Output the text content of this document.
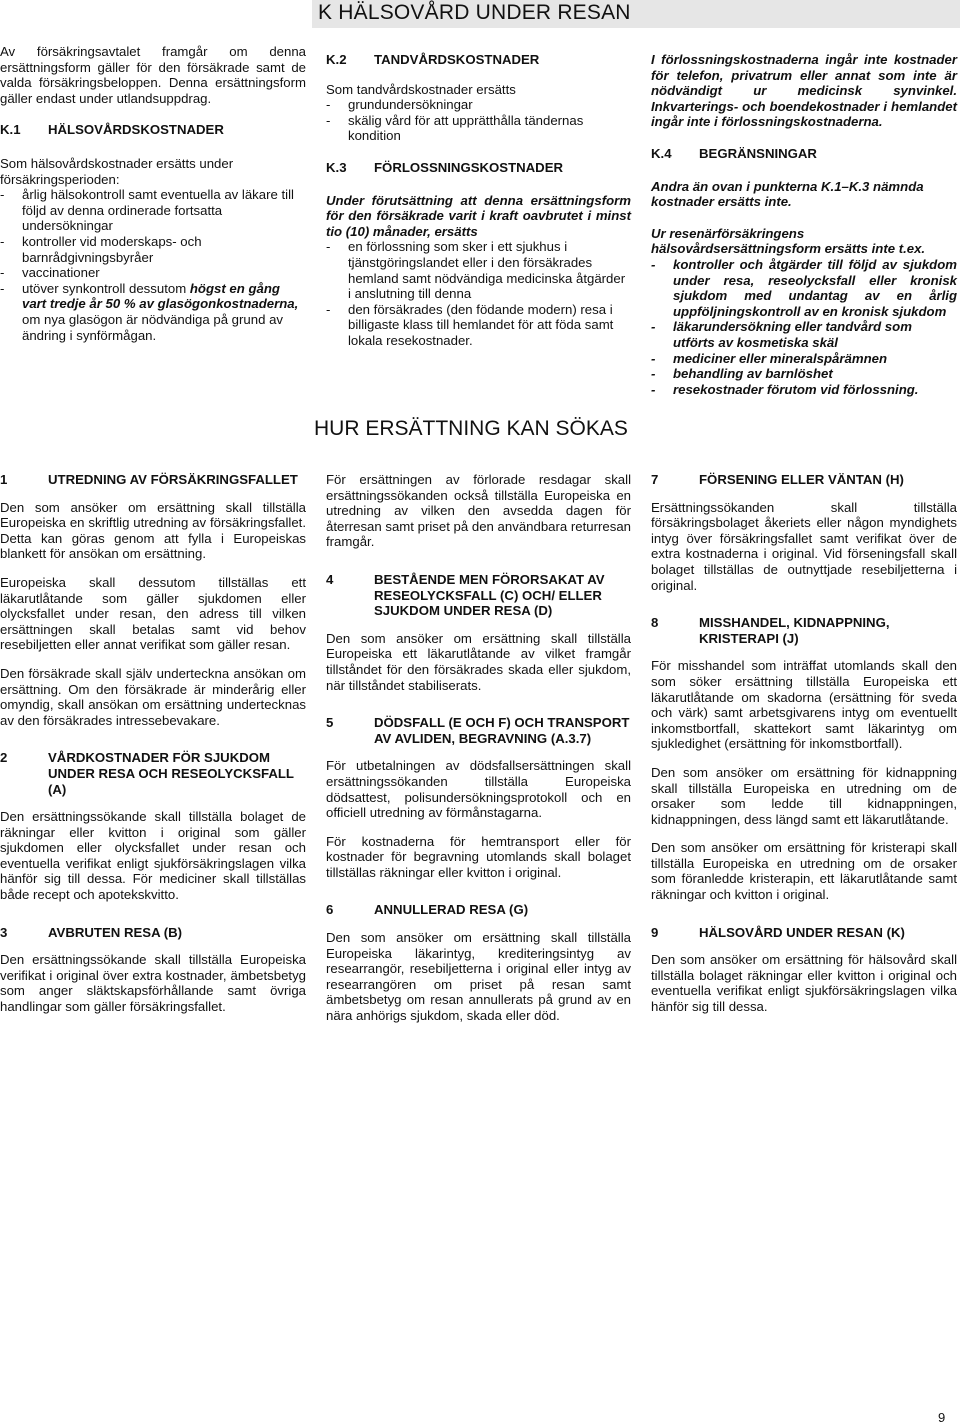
K HÄLSOVÅRD UNDER RESAN

Av försäkringsavtalet framgår om denna ersättningsform gäller för den försäkrade samt de valda försäkringsbeloppen. Denna ersättningsform gäller endast under utlandsuppdrag.

K.1	HÄLSOVÅRDSKOSTNADER

Som hälsovårdskostnader ersätts under försäkringsperioden:

-	årlig hälsokontroll samt eventuella av läkare till följd av denna ordinerade fortsatta undersökningar
-	kontroller vid moderskaps- och barnrådgivningsbyråer
-	vaccinationer
-	utöver synkontroll dessutom högst en gång vart tredje år 50 % av glasögonkostnaderna, om nya glasögon är nödvändiga på grund av ändring i synförmågan.
K.2	TANDVÅRDSKOSTNADER

Som tandvårdskostnader ersätts

-	grundundersökningar
-	skälig vård för att upprätthålla tändernas kondition
K.3	FÖRLOSSNINGSKOSTNADER

Under förutsättning att denna ersättningsform för den försäkrade varit i kraft oavbrutet i minst tio (10) månader, ersätts

-	en förlossning som sker i ett sjukhus i tjänstgöringslandet eller i den försäkrades hemland samt nödvändiga medicinska åtgärder i anslutning till denna
-	den försäkrades (den födande modern) resa i billigaste klass till hemlandet för att föda samt lokala resekostnader.

I förlossningskostnaderna ingår inte kostnader för telefon, privatrum eller annat som inte är nödvändigt ur medicinsk synvinkel. Inkvarterings- och boendekostnader i hemlandet ingår inte i förlossningskostnaderna.

K.4	BEGRÄNSNINGAR

Andra än ovan i punkterna K.1–K.3 nämnda kostnader ersätts inte.

Ur resenärförsäkringens hälsovårdsersättningsform ersätts inte t.ex.

-	kontroller och åtgärder till följd av sjukdom under resa, reseolycksfall eller kronisk sjukdom med undantag av en årlig uppföljningskontroll av en kronisk sjukdom
-	läkarundersökning eller tandvård som utförts av kosmetiska skäl
-	mediciner eller mineralspårämnen
-	behandling av barnlöshet
-	resekostnader förutom vid förlossning.
HUR ERSÄTTNING KAN SÖKAS
1	UTREDNING AV FÖRSÄKRINGSFALLET

Den som ansöker om ersättning skall tillställa Europeiska en skriftlig utredning av försäkringsfallet. Detta kan göras genom att fylla i Europeiskas blankett för ansökan om ersättning.

Europeiska skall dessutom tillställas ett läkarutlåtande som gäller sjukdomen eller olycksfallet under resan, den adress till vilken ersättningen skall betalas samt vid behov resebiljetten eller annat verifikat som gäller resan.

Den försäkrade skall själv underteckna ansökan om ersättning. Om den försäkrade är minderårig eller omyndig, skall ansökan om ersättning undertecknas av den försäkrades intressebevakare.

2	VÅRDKOSTNADER FÖR SJUKDOM UNDER RESA OCH RESEOLYCKSFALL (A)

Den ersättningssökande skall tillställa bolaget de räkningar eller kvitton i original som gäller sjukdomen eller olycksfallet under resan och eventuella verifikat enligt sjukförsäkringslagen vilka hänför sig till dessa. För mediciner skall tillställas både recept och apotekskvitto.

3	AVBRUTEN RESA (B)

Den ersättningssökande skall tillställa Europeiska verifikat i original över extra kostnader, ämbetsbetyg som anger släktskapsförhållande samt övriga handlingar som gäller försäkringsfallet.

För ersättningen av förlorade resdagar skall ersättningssökanden också tillställa Europeiska en utredning av vilken den avsedda dagen för återresan samt priset på den användbara returresan framgår.

4	BESTÅENDE MEN FÖRORSAKAT AV RESEOLYCKSFALL (C) OCH/ ELLER SJUKDOM UNDER RESA (D)

Den som ansöker om ersättning skall tillställa Europeiska ett läkarutlåtande av vilket framgår tillståndet för den försäkrades skada eller sjukdom, när tillståndet stabiliserats.

5	DÖDSFALL (E OCH F) OCH TRANSPORT AV AVLIDEN, BEGRAVNING (A.3.7)

För utbetalningen av dödsfallsersättningen skall ersättningssökanden tillställa Europeiska dödsattest, polisundersökningsprotokoll och en officiell utredning av förmånstagarna.

För kostnaderna för hemtransport eller för kostnader för begravning utomlands skall bolaget tillställas räkningar eller kvitton i original.

6	ANNULLERAD RESA (G)

Den som ansöker om ersättning skall tillställa Europeiska läkarintyg, krediteringsintyg av researrangör, resebiljetterna i original eller intyg av researrangören om priset på resan samt ämbetsbetyg om resan annullerats på grund av en nära anhörigs sjukdom, skada eller död.

7	FÖRSENING ELLER VÄNTAN (H)

Ersättningssökanden skall tillställa försäkringsbolaget åkeriets eller någon myndighets intyg över försäkringsfallet samt verifikat över de extra kostnaderna i original. Vid förseningsfall skall bolaget tillställas de outnyttjade resebiljetterna i original.

8	MISSHANDEL, KIDNAPPNING, KRISTERAPI (J)

För misshandel som inträffat utomlands skall den som söker ersättning tillställa Europeiska ett läkarutlåtande om skadorna (ersättning för sveda och värk) samt arbetsgivarens intyg om eventuellt inkomstbortfall, skattekort samt läkarintyg om sjukledighet (ersättning för inkomstbortfall).

Den som ansöker om ersättning för kidnappning skall tillställa Europeiska en utredning om de orsaker som ledde till kidnappningen, kidnappningen, dess längd samt ett läkarutlåtande.

Den som ansöker om ersättning för kristerapi skall tillställa Europeiska en utredning om de orsaker som föranledde kristerapin, ett läkarutlåtande samt räkningar och kvitton i original.

9	HÄLSOVÅRD UNDER RESAN (K)

Den som ansöker om ersättning för hälsovård skall tillställa bolaget räkningar eller kvitton i original och eventuella verifikat enligt sjukförsäkringslagen vilka hänför sig till dessa.

9
